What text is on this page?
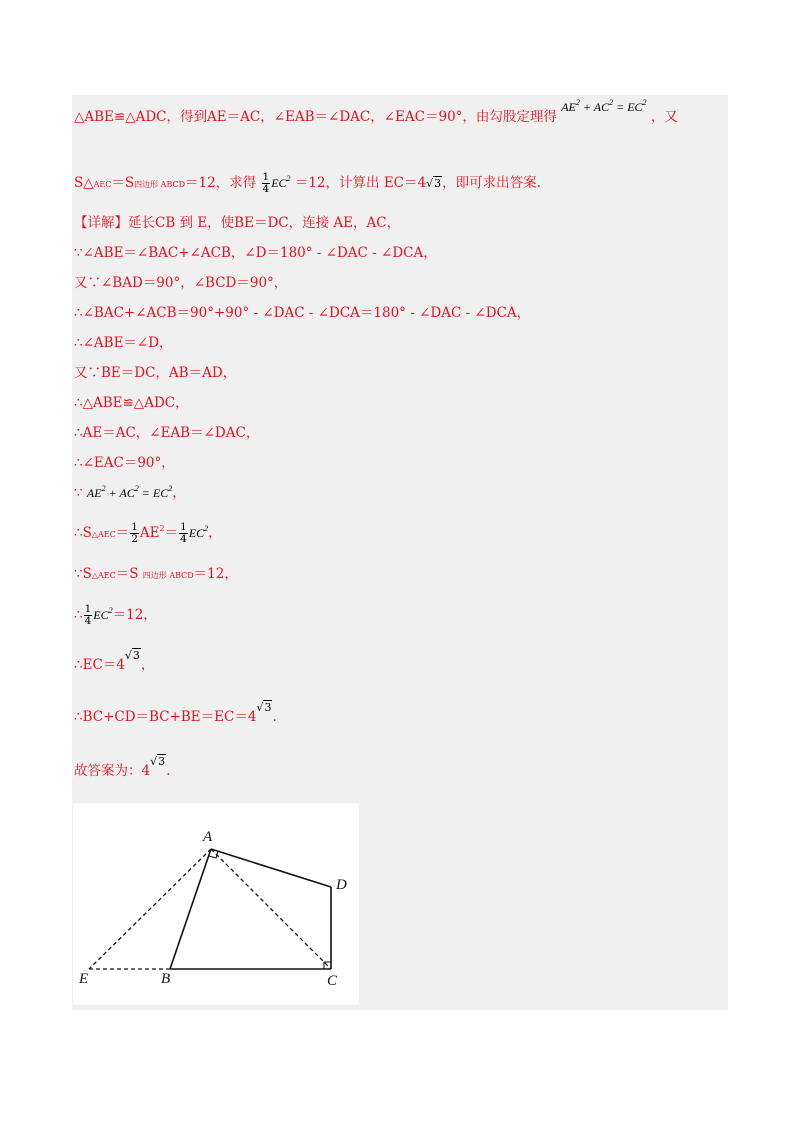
△ABE≌△ADC，得到AE＝AC，∠EAB＝∠DAC，∠EAC＝90°，由勾股定理得 $AE^2 + AC^2 = EC^2$ ，又
S△AEC＝S四边形 ABCD＝12，求得 $\frac{1}{4} EC^2 =12$，计算出 EC＝4√3，即可求出答案.
【详解】延长CB 到 E，使BE＝DC，连接 AE，AC，
∵∠ABE＝∠BAC+∠ACB，∠D＝180° - ∠DAC - ∠DCA，
又∵∠BAD＝90°，∠BCD＝90°，
∴∠BAC+∠ACB＝90°+90° - ∠DAC - ∠DCA＝180° - ∠DAC - ∠DCA，
∴∠ABE＝∠D，
又∵BE＝DC，AB＝AD，
∴△ABE≌△ADC，
∴AE＝AC，∠EAB＝∠DAC，
∴∠EAC＝90°，
∵ $AE^2 + AC^2 = EC^2$，
∴S△AEC＝ $\frac{1}{2} AE^2= \frac{1}{4} EC^2$，
∵S△AEC＝S 四边形 ABCD＝12，
∴ $\frac{1}{4} EC^2=12$，
∴EC＝4√3，
∴BC+CD＝BC+BE＝EC＝4√3.
故答案为：4√3.
A
D
B	C
E
